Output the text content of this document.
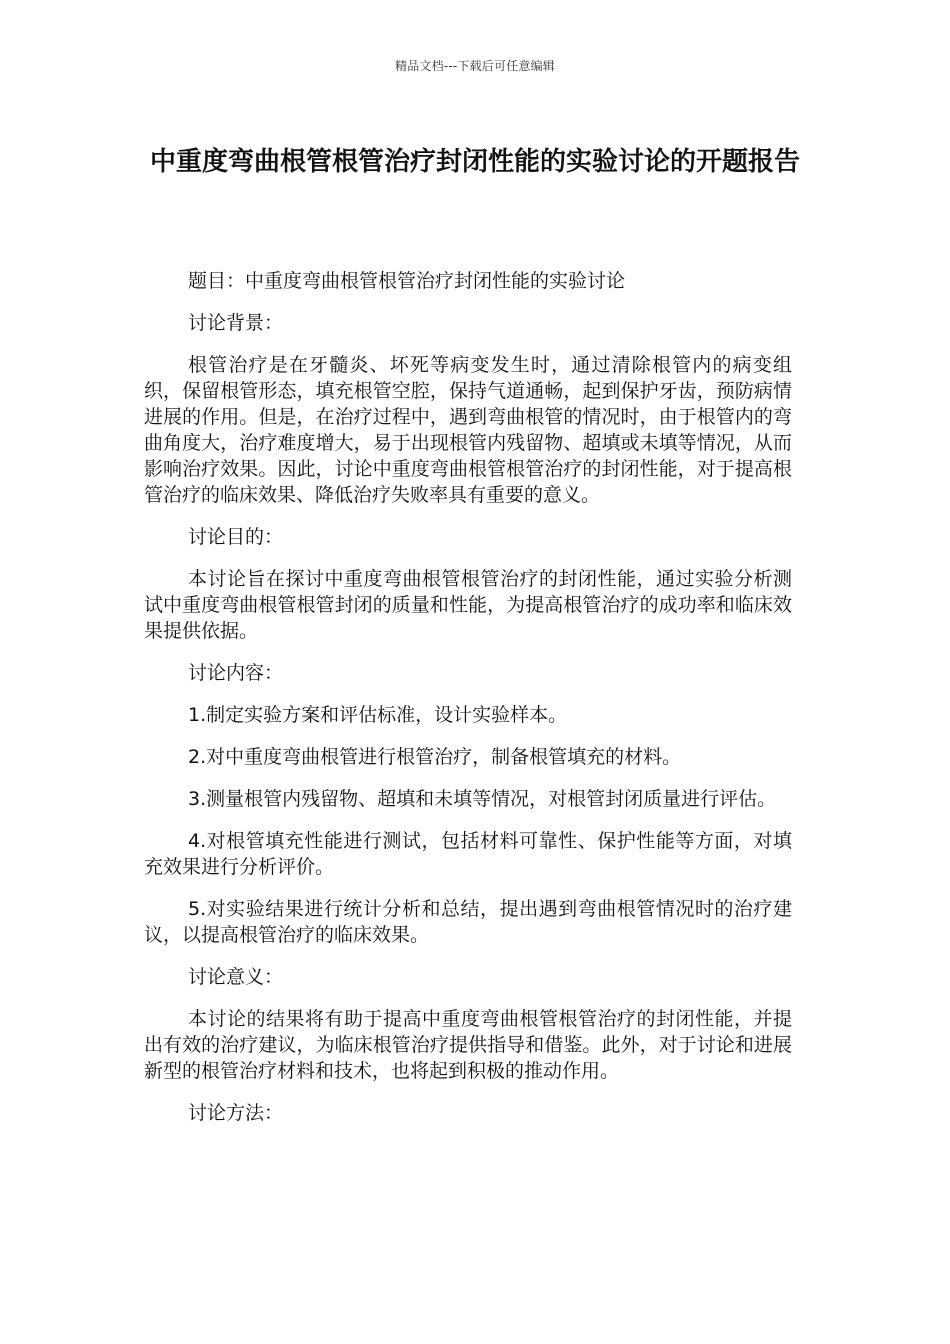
精品文档---下载后可任意编辑
中重度弯曲根管根管治疗封闭性能的实验讨论的开题报告

题目：中重度弯曲根管根管治疗封闭性能的实验讨论

讨论背景：

根管治疗是在牙髓炎、坏死等病变发生时，通过清除根管内的病变组织，保留根管形态，填充根管空腔，保持气道通畅，起到保护牙齿，预防病情进展的作用。但是，在治疗过程中，遇到弯曲根管的情况时，由于根管内的弯曲角度大，治疗难度增大，易于出现根管内残留物、超填或未填等情况，从而影响治疗效果。因此，讨论中重度弯曲根管根管治疗的封闭性能，对于提高根管治疗的临床效果、降低治疗失败率具有重要的意义。

讨论目的：

本讨论旨在探讨中重度弯曲根管根管治疗的封闭性能，通过实验分析测试中重度弯曲根管根管封闭的质量和性能，为提高根管治疗的成功率和临床效果提供依据。

讨论内容：

1.制定实验方案和评估标准，设计实验样本。

2.对中重度弯曲根管进行根管治疗，制备根管填充的材料。

3.测量根管内残留物、超填和未填等情况，对根管封闭质量进行评估。

4.对根管填充性能进行测试，包括材料可靠性、保护性能等方面，对填充效果进行分析评价。

5.对实验结果进行统计分析和总结，提出遇到弯曲根管情况时的治疗建议，以提高根管治疗的临床效果。

讨论意义：

本讨论的结果将有助于提高中重度弯曲根管根管治疗的封闭性能，并提出有效的治疗建议，为临床根管治疗提供指导和借鉴。此外，对于讨论和进展新型的根管治疗材料和技术，也将起到积极的推动作用。

讨论方法：
